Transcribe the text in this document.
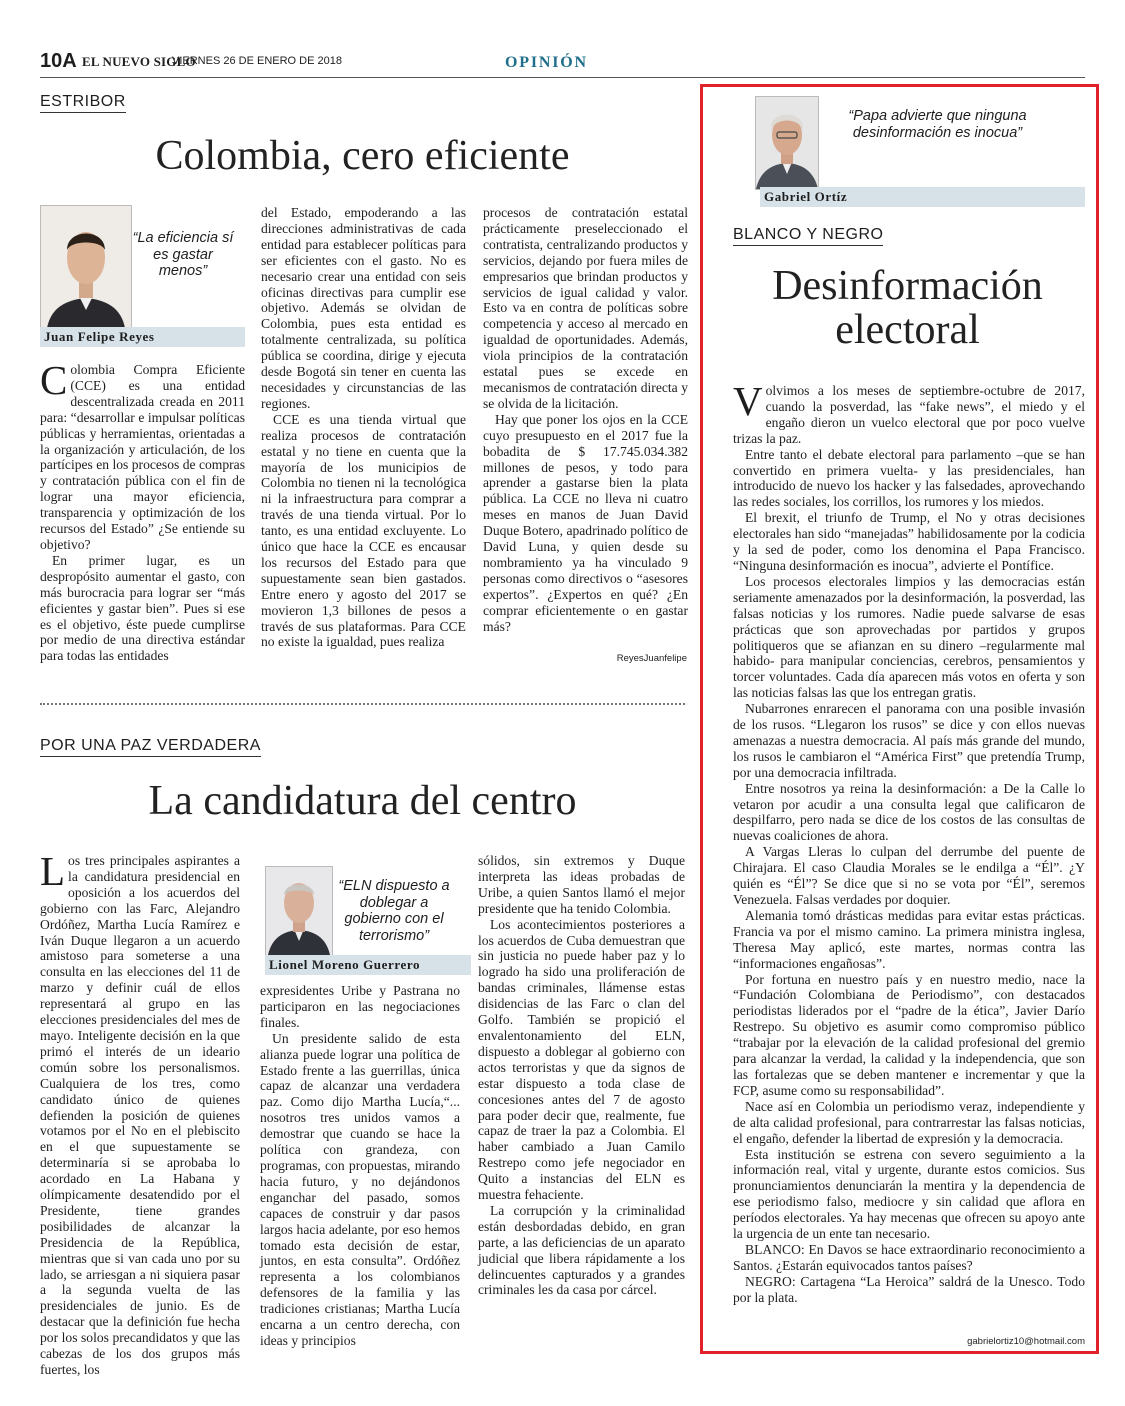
10A EL NUEVO SIGLO
VIERNES 26 DE ENERO DE 2018	OPINIÓN
ESTRIBOR
Colombia, cero eficiente
“La eficiencia sí es gastar menos”
Juan Felipe Reyes

Colombia Compra Eficiente (CCE) es una entidad descentralizada creada en 2011 para: “desarrollar e impulsar políticas públicas y herramientas, orientadas a la organización y articulación, de los partícipes en los procesos de compras y contratación pública con el fin de lograr una mayor eficiencia, transparencia y optimización de los recursos del Estado” ¿Se entiende su objetivo?

En primer lugar, es un despropósito aumentar el gasto, con más burocracia para lograr ser “más eficientes y gastar bien”. Pues si ese es el objetivo, éste puede cumplirse por medio de una directiva estándar para todas las entidades

del Estado, empoderando a las direcciones administrativas de cada entidad para establecer políticas para ser eficientes con el gasto. No es necesario crear una entidad con seis oficinas directivas para cumplir ese objetivo. Además se olvidan de Colombia, pues esta entidad es totalmente centralizada, su política pública se coordina, dirige y ejecuta desde Bogotá sin tener en cuenta las necesidades y circunstancias de las regiones.

CCE es una tienda virtual que realiza procesos de contratación estatal y no tiene en cuenta que la mayoría de los municipios de Colombia no tienen ni la tecnológica ni la infraestructura para comprar a través de una tienda virtual. Por lo tanto, es una entidad excluyente. Lo único que hace la CCE es encausar los recursos del Estado para que supuestamente sean bien gastados. Entre enero y agosto del 2017 se movieron 1,3 billones de pesos a través de sus plataformas. Para CCE no existe la igualdad, pues realiza

procesos de contratación estatal prácticamente preseleccionado el contratista, centralizando productos y servicios, dejando por fuera miles de empresarios que brindan productos y servicios de igual calidad y valor. Esto va en contra de políticas sobre competencia y acceso al mercado en igualdad de oportunidades. Además, viola principios de la contratación estatal pues se excede en mecanismos de contratación directa y se olvida de la licitación.

Hay que poner los ojos en la CCE cuyo presupuesto en el 2017 fue la bobadita de $ 17.745.034.382 millones de pesos, y todo para aprender a gastarse bien la plata pública. La CCE no lleva ni cuatro meses en manos de Juan David Duque Botero, apadrinado político de David Luna, y quien desde su nombramiento ya ha vinculado 9 personas como directivos o “asesores expertos”. ¿Expertos en qué? ¿En comprar eficientemente o en gastar más?

ReyesJuanfelipe
POR UNA PAZ VERDADERA
La candidatura del centro
“ELN dispuesto a doblegar a gobierno con el terrorismo”
Lionel Moreno Guerrero

Los tres principales aspirantes a la candidatura presidencial en oposición a los acuerdos del gobierno con las Farc, Alejandro Ordóñez, Martha Lucía Ramírez e Iván Duque llegaron a un acuerdo amistoso para someterse a una consulta en las elecciones del 11 de marzo y definir cuál de ellos representará al grupo en las elecciones presidenciales del mes de mayo. Inteligente decisión en la que primó el interés de un ideario común sobre los personalismos. Cualquiera de los tres, como candidato único de quienes defienden la posición de quienes votamos por el No en el plebiscito en el que supuestamente se determinaría si se aprobaba lo acordado en La Habana y olímpicamente desatendido por el Presidente, tiene grandes posibilidades de alcanzar la Presidencia de la República, mientras que si van cada uno por su lado, se arriesgan a ni siquiera pasar a la segunda vuelta de las presidenciales de junio. Es de destacar que la definición fue hecha por los solos precandidatos y que las cabezas de los dos grupos más fuertes, los

expresidentes Uribe y Pastrana no participaron en las negociaciones finales.

Un presidente salido de esta alianza puede lograr una política de Estado frente a las guerrillas, única capaz de alcanzar una verdadera paz. Como dijo Martha Lucía,“... nosotros tres unidos vamos a demostrar que cuando se hace la política con grandeza, con programas, con propuestas, mirando hacia futuro, y no dejándonos enganchar del pasado, somos capaces de construir y dar pasos largos hacia adelante, por eso hemos tomado esta decisión de estar, juntos, en esta consulta”. Ordóñez representa a los colombianos defensores de la familia y las tradiciones cristianas; Martha Lucía encarna a un centro derecha, con ideas y principios

sólidos, sin extremos y Duque interpreta las ideas probadas de Uribe, a quien Santos llamó el mejor presidente que ha tenido Colombia.

Los acontecimientos posteriores a los acuerdos de Cuba demuestran que sin justicia no puede haber paz y lo logrado ha sido una proliferación de bandas criminales, llámense estas disidencias de las Farc o clan del Golfo. También se propició el envalentonamiento del ELN, dispuesto a doblegar al gobierno con actos terroristas y que da signos de estar dispuesto a toda clase de concesiones antes del 7 de agosto para poder decir que, realmente, fue capaz de traer la paz a Colombia. El haber cambiado a Juan Camilo Restrepo como jefe negociador en Quito a instancias del ELN es muestra fehaciente.

La corrupción y la criminalidad están desbordadas debido, en gran parte, a las deficiencias de un aparato judicial que libera rápidamente a los delincuentes capturados y a grandes criminales les da casa por cárcel.

“Papa advierte que ninguna desinformación es inocua”
Gabriel Ortíz
BLANCO Y NEGRO
Desinformación
electoral

Volvimos a los meses de septiembre-octubre de 2017, cuando la posverdad, las “fake news”, el miedo y el engaño dieron un vuelco electoral que por poco vuelve trizas la paz.

Entre tanto el debate electoral para parlamento –que se han convertido en primera vuelta- y las presidenciales, han introducido de nuevo los hacker y las falsedades, aprovechando las redes sociales, los corrillos, los rumores y los miedos.

El brexit, el triunfo de Trump, el No y otras decisiones electorales han sido “manejadas” habilidosamente por la codicia y la sed de poder, como los denomina el Papa Francisco. “Ninguna desinformación es inocua”, advierte el Pontífice.

Los procesos electorales limpios y las democracias están seriamente amenazados por la desinformación, la posverdad, las falsas noticias y los rumores. Nadie puede salvarse de esas prácticas que son aprovechadas por partidos y grupos politiqueros que se afianzan en su dinero –regularmente mal habido- para manipular conciencias, cerebros, pensamientos y torcer voluntades. Cada día aparecen más votos en oferta y son las noticias falsas las que los entregan gratis.

Nubarrones enrarecen el panorama con una posible invasión de los rusos. “Llegaron los rusos” se dice y con ellos nuevas amenazas a nuestra democracia. Al país más grande del mundo, los rusos le cambiaron el “América First” que pretendía Trump, por una democracia infiltrada.

Entre nosotros ya reina la desinformación: a De la Calle lo vetaron por acudir a una consulta legal que calificaron de despilfarro, pero nada se dice de los costos de las consultas de nuevas coaliciones de ahora.

A Vargas Lleras lo culpan del derrumbe del puente de Chirajara. El caso Claudia Morales se le endilga a “Él”. ¿Y quién es “Él”? Se dice que si no se vota por “Él”, seremos Venezuela. Falsas verdades por doquier.

Alemania tomó drásticas medidas para evitar estas prácticas. Francia va por el mismo camino. La primera ministra inglesa, Theresa May aplicó, este martes, normas contra las “informaciones engañosas”.

Por fortuna en nuestro país y en nuestro medio, nace la “Fundación Colombiana de Periodismo”, con destacados periodistas liderados por el “padre de la ética”, Javier Darío Restrepo. Su objetivo es asumir como compromiso público “trabajar por la elevación de la calidad profesional del gremio para alcanzar la verdad, la calidad y la independencia, que son las fortalezas que se deben mantener e incrementar y que la FCP, asume como su responsabilidad”.

Nace así en Colombia un periodismo veraz, independiente y de alta calidad profesional, para contrarrestar las falsas noticias, el engaño, defender la libertad de expresión y la democracia.

Esta institución se estrena con severo seguimiento a la información real, vital y urgente, durante estos comicios. Sus pronunciamientos denunciarán la mentira y la dependencia de ese periodismo falso, mediocre y sin calidad que aflora en períodos electorales. Ya hay mecenas que ofrecen su apoyo ante la urgencia de un ente tan necesario.

BLANCO: En Davos se hace extraordinario reconocimiento a Santos. ¿Estarán equivocados tantos países?

NEGRO: Cartagena “La Heroica” saldrá de la Unesco. Todo por la plata.

gabrielortiz10@hotmail.com
